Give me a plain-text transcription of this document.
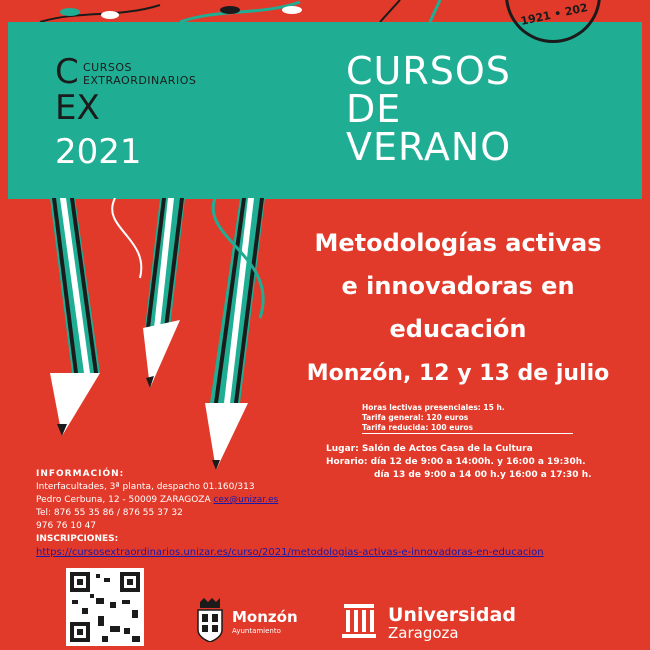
1921 • 202
C CURSOS EXTRAORDINARIOS
EX
2021
CURSOS
DE
VERANO
Metodologías activas
e innovadoras en
educación
Monzón, 12 y 13 de julio
Horas lectivas presenciales: 15 h.
Tarifa general: 120 euros
Tarifa reducida: 100 euros
Lugar: Salón de Actos Casa de la Cultura
Horario: día 12 de 9:00 a 14:00h. y 16:00 a 19:30h.
día 13 de 9:00 a 14 00 h.y 16:00 a 17:30 h.
INFORMACIÓN:
Interfacultades, 3ª planta, despacho 01.160/313
Pedro Cerbuna, 12 - 50009 ZARAGOZA cex@unizar.es
Tel: 876 55 35 86 / 876 55 37 32
976 76 10 47
INSCRIPCIONES:
https://cursosextraordinarios.unizar.es/curso/2021/metodologias-activas-e-innovadoras-en-educacion
Monzón
Ayuntamiento
Universidad
Zaragoza
